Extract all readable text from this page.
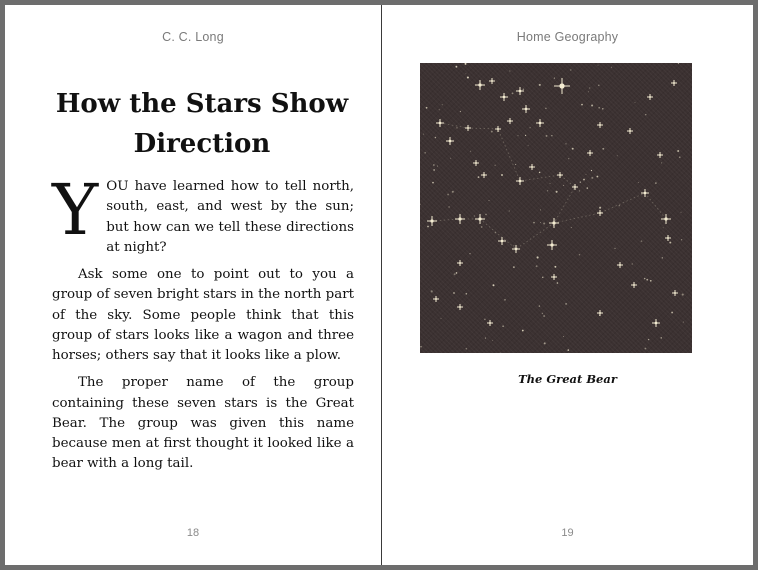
C. C. Long
How the Stars Show Direction

YOU have learned how to tell north, south, east, and west by the sun; but how can we tell these directions at night?

Ask some one to point out to you a group of seven bright stars in the north part of the sky. Some people think that this group of stars looks like a wagon and three horses; others say that it looks like a plow.

The proper name of the group containing these seven stars is the Great Bear. The group was given this name because men at first thought it looked like a bear with a long tail.

18
Home Geography
The Great Bear
19
